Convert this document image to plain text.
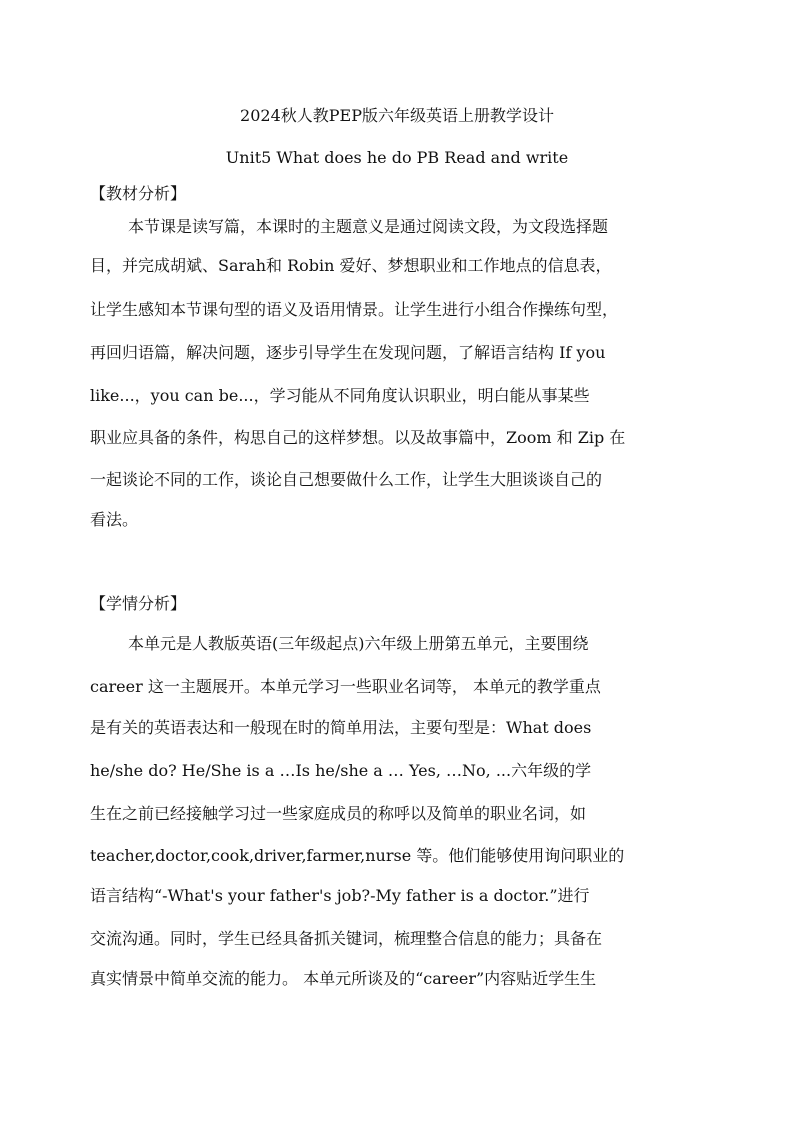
2024秋人教PEP版六年级英语上册教学设计
Unit5 What does he do PB Read and write
【教材分析】
本节课是读写篇，本课时的主题意义是通过阅读文段，为文段选择题
目，并完成胡斌、Sarah和 Robin 爱好、梦想职业和工作地点的信息表，
让学生感知本节课句型的语义及语用情景。让学生进行小组合作操练句型，
再回归语篇，解决问题，逐步引导学生在发现问题，了解语言结构 If you
like...，you can be...，学习能从不同角度认识职业，明白能从事某些
职业应具备的条件，构思自己的这样梦想。以及故事篇中，Zoom 和 Zip 在
一起谈论不同的工作，谈论自己想要做什么工作，让学生大胆谈谈自己的
看法。
【学情分析】
本单元是人教版英语(三年级起点)六年级上册第五单元，主要围绕
career 这一主题展开。本单元学习一些职业名词等， 本单元的教学重点
是有关的英语表达和一般现在时的简单用法，主要句型是：What does
he/she do? He/She is a …Is he/she a … Yes, …No, ...六年级的学
生在之前已经接触学习过一些家庭成员的称呼以及简单的职业名词，如
teacher,doctor,cook,driver,farmer,nurse 等。他们能够使用询问职业的
语言结构“-What's your father's job?-My father is a doctor.”进行
交流沟通。同时，学生已经具备抓关键词，梳理整合信息的能力；具备在
真实情景中简单交流的能力。 本单元所谈及的“career”内容贴近学生生
